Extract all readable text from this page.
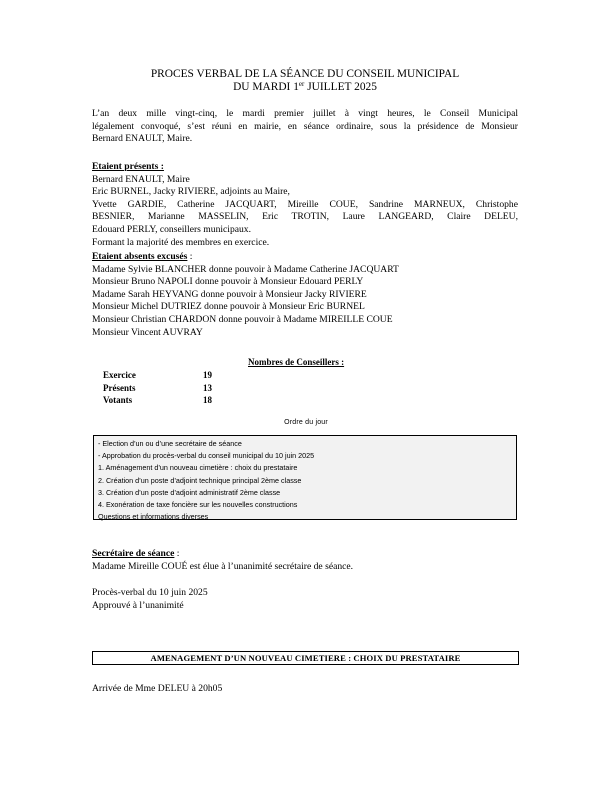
PROCES VERBAL DE LA SÉANCE DU CONSEIL MUNICIPAL
DU MARDI 1er JUILLET 2025
L’an deux mille vingt-cinq, le mardi premier juillet à vingt heures, le Conseil Municipal
légalement convoqué, s’est réuni en mairie, en séance ordinaire, sous la présidence de Monsieur
Bernard ENAULT, Maire.
Etaient présents :
Bernard ENAULT, Maire
Eric BURNEL, Jacky RIVIERE, adjoints au Maire,
Yvette GARDIE, Catherine JACQUART, Mireille COUE, Sandrine MARNEUX, Christophe
BESNIER, Marianne MASSELIN, Eric TROTIN, Laure LANGEARD, Claire DELEU,
Edouard PERLY, conseillers municipaux.
Formant la majorité des membres en exercice.
Etaient absents excusés :
Madame Sylvie BLANCHER donne pouvoir à Madame Catherine JACQUART
Monsieur Bruno NAPOLI donne pouvoir à Monsieur Edouard PERLY
Madame Sarah HEYVANG donne pouvoir à Monsieur Jacky RIVIERE
Monsieur Michel DUTRIEZ donne pouvoir à Monsieur Eric BURNEL
Monsieur Christian CHARDON donne pouvoir à Madame MIREILLE COUE
Monsieur Vincent AUVRAY
Nombres de Conseillers :
Exercice	19
Présents	13
Votants	18
Ordre du jour
- Election d’un ou d’une secrétaire de séance
- Approbation du procès-verbal du conseil municipal du 10 juin 2025
1. Aménagement d’un nouveau cimetière : choix du prestataire
2. Création d’un poste d’adjoint technique principal 2ème classe
3. Création d’un poste d’adjoint administratif 2ème classe
4. Exonération de taxe foncière sur les nouvelles constructions
Questions et informations diverses
Secrétaire de séance :
Madame Mireille COUÉ est élue à l’unanimité secrétaire de séance.
Procès-verbal du 10 juin 2025
Approuvé à l’unanimité
AMENAGEMENT D’UN NOUVEAU CIMETIERE : CHOIX DU PRESTATAIRE
Arrivée de Mme DELEU à 20h05
